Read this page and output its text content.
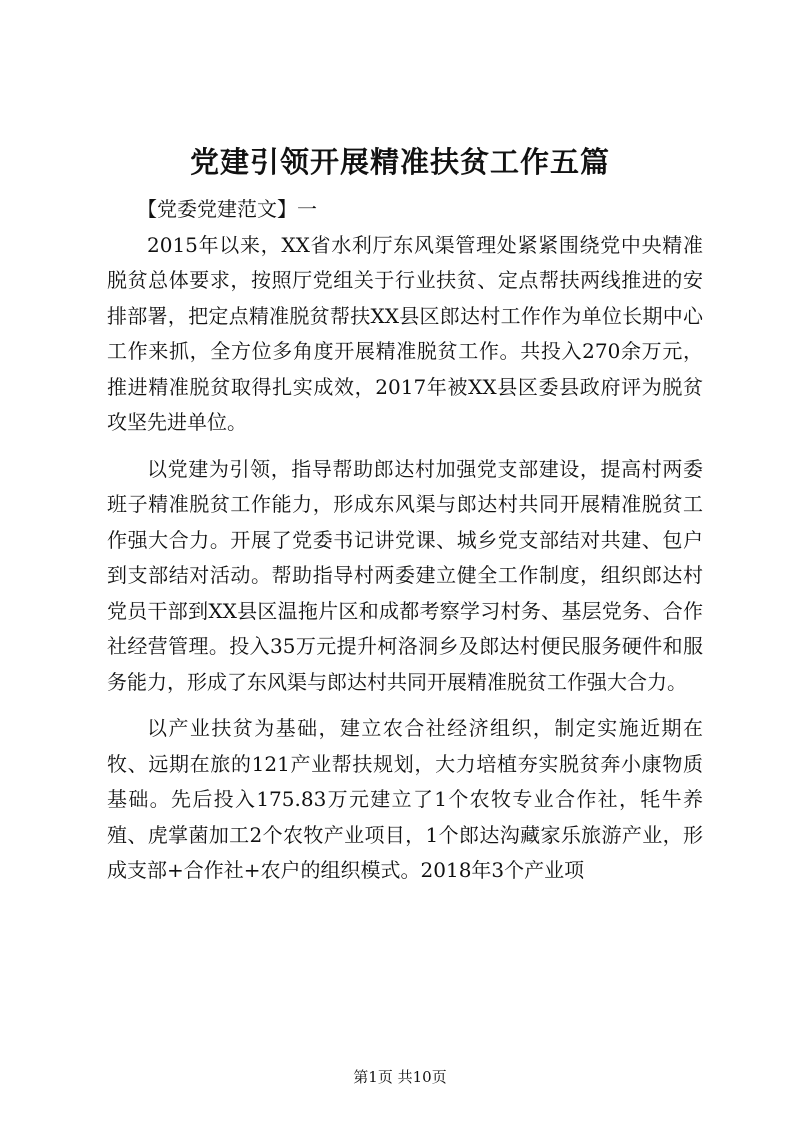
党建引领开展精准扶贫工作五篇

【党委党建范文】一

2015年以来，XX省水利厅东风渠管理处紧紧围绕党中央精准脱贫总体要求，按照厅党组关于行业扶贫、定点帮扶两线推进的安排部署，把定点精准脱贫帮扶XX县区郎达村工作作为单位长期中心工作来抓，全方位多角度开展精准脱贫工作。共投入270余万元，推进精准脱贫取得扎实成效，2017年被XX县区委县政府评为脱贫攻坚先进单位。

以党建为引领，指导帮助郎达村加强党支部建设，提高村两委班子精准脱贫工作能力，形成东风渠与郎达村共同开展精准脱贫工作强大合力。开展了党委书记讲党课、城乡党支部结对共建、包户到支部结对活动。帮助指导村两委建立健全工作制度，组织郎达村党员干部到XX县区温拖片区和成都考察学习村务、基层党务、合作社经营管理。投入35万元提升柯洛洞乡及郎达村便民服务硬件和服务能力，形成了东风渠与郎达村共同开展精准脱贫工作强大合力。

以产业扶贫为基础，建立农合社经济组织，制定实施近期在牧、远期在旅的121产业帮扶规划，大力培植夯实脱贫奔小康物质基础。先后投入175.83万元建立了1个农牧专业合作社，牦牛养殖、虎掌菌加工2个农牧产业项目，1个郎达沟藏家乐旅游产业，形成支部+合作社+农户的组织模式。2018年3个产业项

第1页 共10页
